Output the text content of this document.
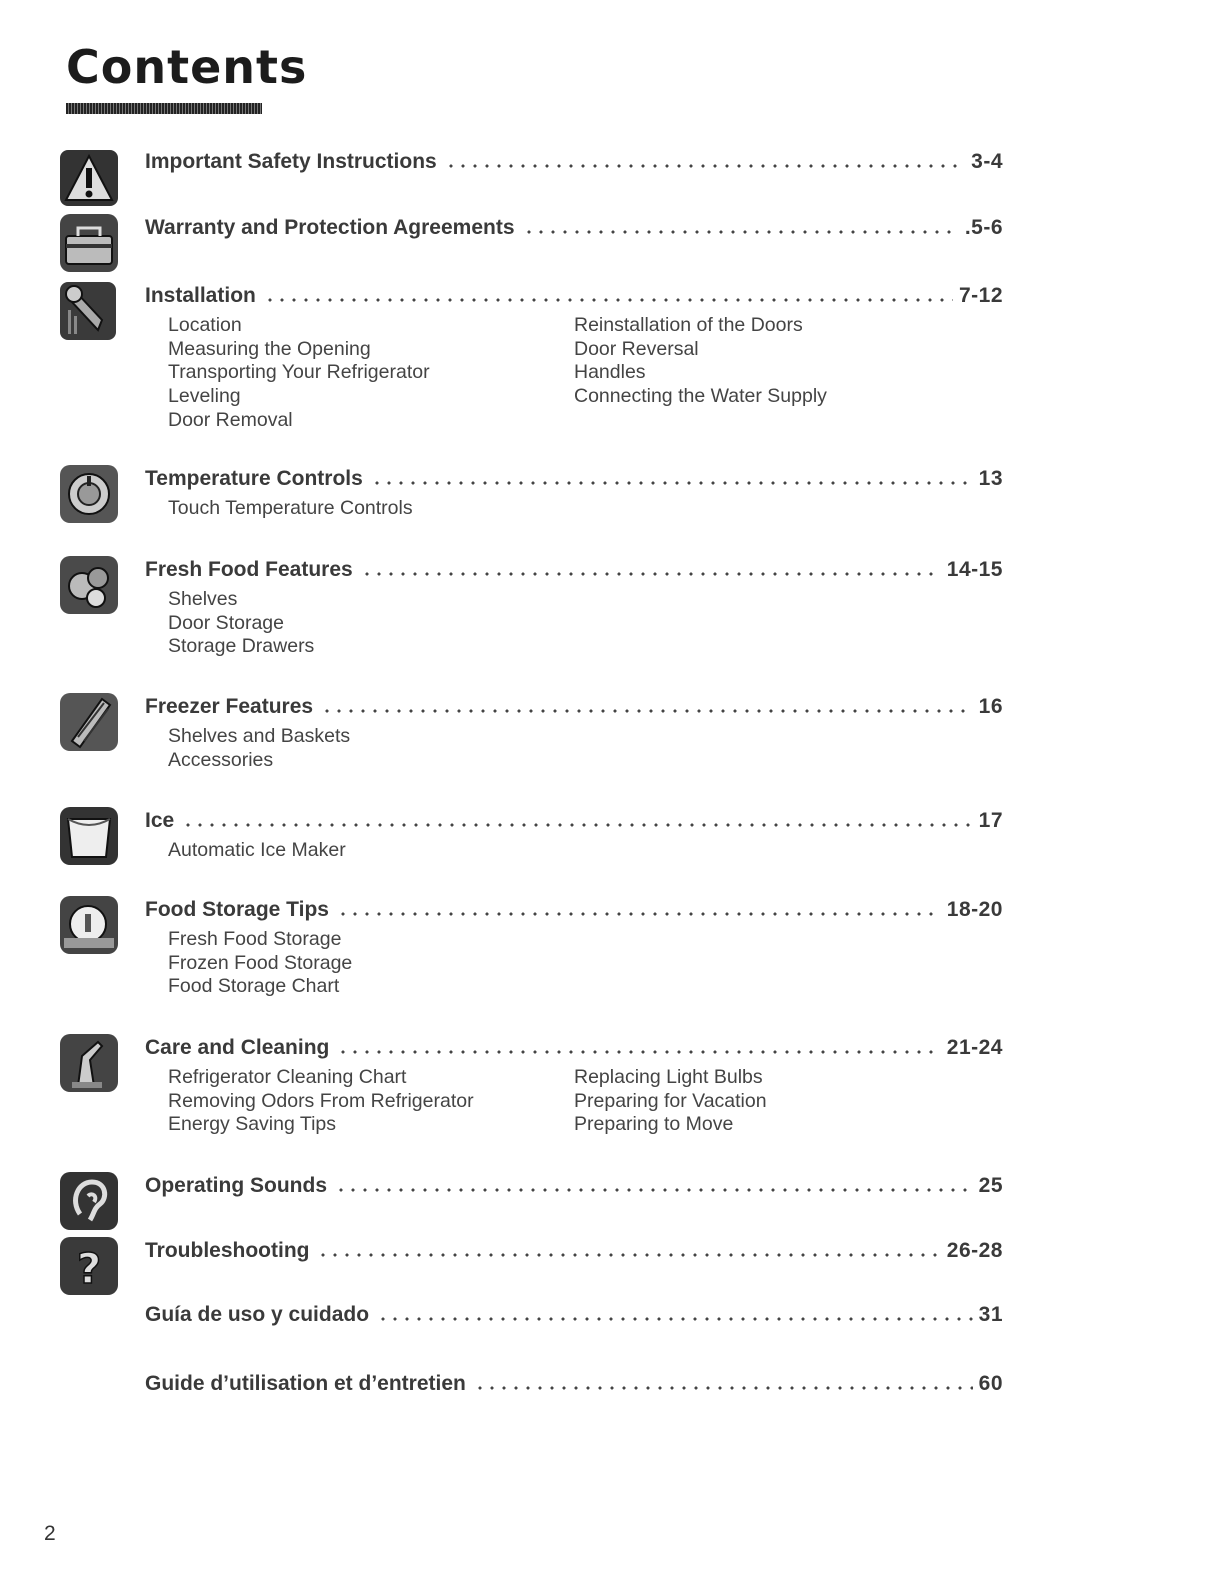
Contents
Important Safety Instructions	3-4
Warranty and Protection Agreements	.5-6
Installation	7-12
Location
Measuring the Opening
Transporting Your Refrigerator
Leveling
Door Removal
Reinstallation of the Doors
Door Reversal
Handles
Connecting the Water Supply
Temperature Controls	13
Touch Temperature Controls
Fresh Food Features	14-15
Shelves
Door Storage
Storage Drawers
Freezer Features	16
Shelves and Baskets
Accessories
Ice	17
Automatic Ice Maker
Food Storage Tips	18-20
Fresh Food Storage
Frozen Food Storage
Food Storage Chart
Care and Cleaning	21-24
Refrigerator Cleaning Chart
Removing Odors From Refrigerator
Energy Saving Tips
Replacing Light Bulbs
Preparing for Vacation
Preparing to Move
Operating Sounds	25
? Troubleshooting	26-28
Guía de uso y cuidado	31
Guide d’utilisation et d’entretien	60
2
